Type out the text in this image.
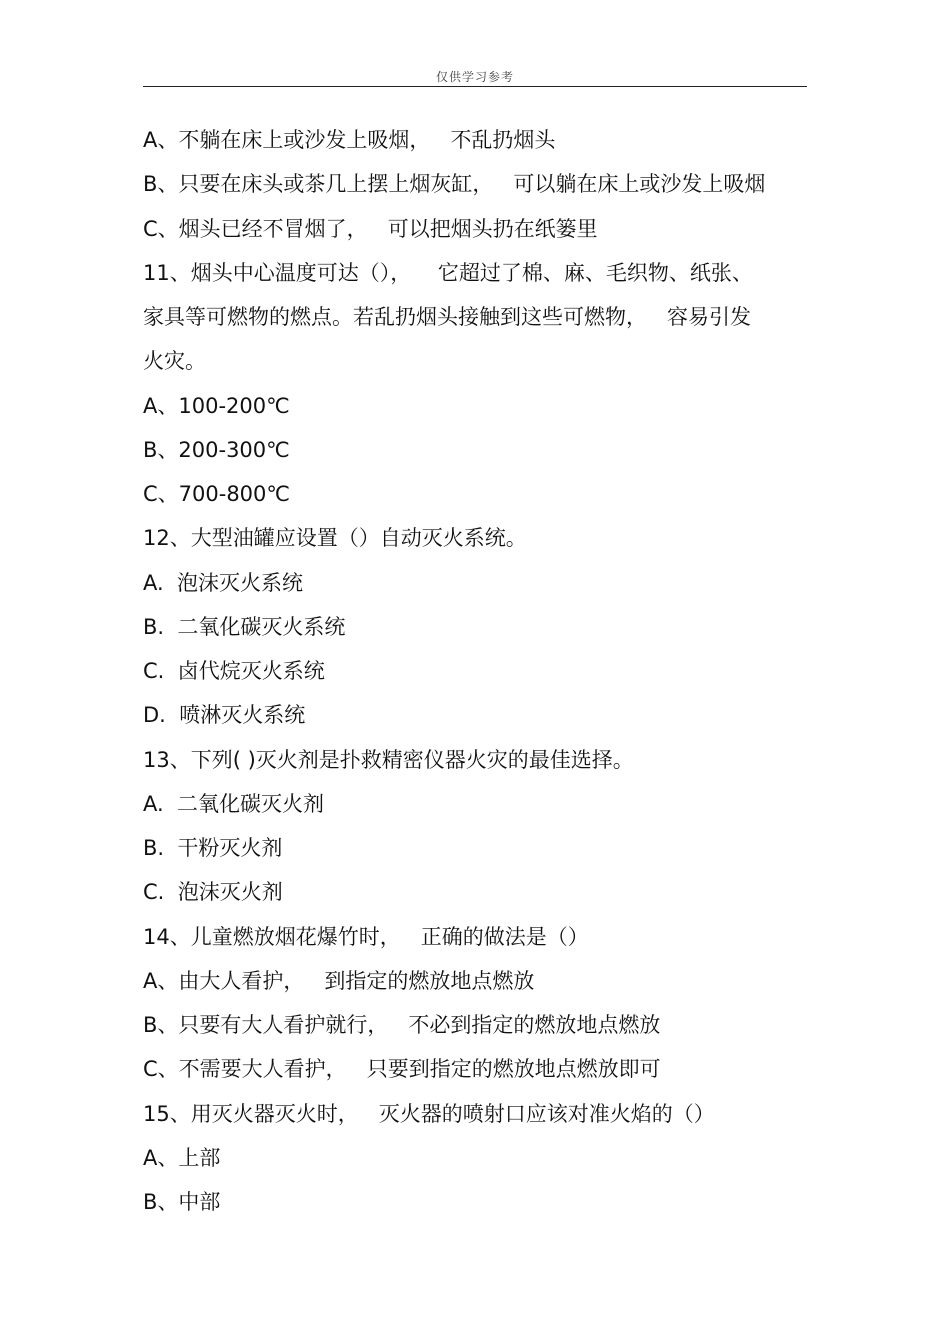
仅供学习参考

A、不躺在床上或沙发上吸烟，   不乱扔烟头

B、只要在床头或茶几上摆上烟灰缸，   可以躺在床上或沙发上吸烟

C、烟头已经不冒烟了，   可以把烟头扔在纸篓里

11、烟头中心温度可达（），    它超过了棉、麻、毛织物、纸张、

家具等可燃物的燃点。若乱扔烟头接触到这些可燃物，   容易引发

火灾。

A、100-200℃

B、200-300℃

C、700-800℃

12、大型油罐应设置（）自动灭火系统。

A.  泡沫灭火系统

B.  二氧化碳灭火系统

C.  卤代烷灭火系统

D.  喷淋灭火系统

13、下列( )灭火剂是扑救精密仪器火灾的最佳选择。

A.  二氧化碳灭火剂

B.  干粉灭火剂

C.  泡沫灭火剂

14、儿童燃放烟花爆竹时，   正确的做法是（）

A、由大人看护，   到指定的燃放地点燃放

B、只要有大人看护就行，   不必到指定的燃放地点燃放

C、不需要大人看护，   只要到指定的燃放地点燃放即可

15、用灭火器灭火时，   灭火器的喷射口应该对准火焰的（）

A、上部

B、中部
